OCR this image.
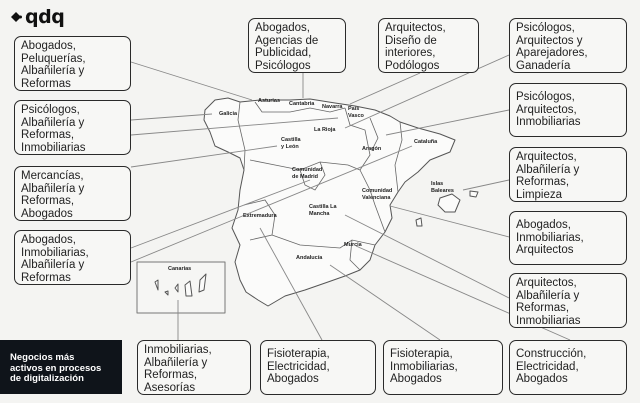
qdq
Galicia
Asturias Cantabria Navarra País
Vasco
La Rioja
Castilla
y León	Aragón
Cataluña
Comunidad
de Madrid
Comunidad
Valenciana
Islas
Baleares
Castilla La
Mancha
Extremadura
Murcia
Andalucía
Canarias
Abogados,
Peluquerías,
Albañilería y
Reformas
Psicólogos,
Albañilería y
Reformas,
Inmobiliarias
Mercancías,
Albañilería y
Reformas,
Abogados
Abogados,
Inmobiliarias,
Albañilería y
Reformas
Abogados,
Agencias de
Publicidad,
Psicólogos
Arquitectos,
Diseño de
interiores,
Podólogos
Psicólogos,
Arquitectos y
Aparejadores,
Ganadería
Psicólogos,
Arquitectos,
Inmobiliarias
Arquitectos,
Albañilería y
Reformas,
Limpieza
Abogados,
Inmobiliarias,
Arquitectos
Arquitectos,
Albañilería y
Reformas,
Inmobiliarias
Inmobiliarias,
Albañilería y
Reformas,
Asesorías
Fisioterapia,
Electricidad,
Abogados
Fisioterapia,
Inmobiliarias,
Abogados
Construcción,
Electricidad,
Abogados
Negocios más
activos en procesos
de digitalización
